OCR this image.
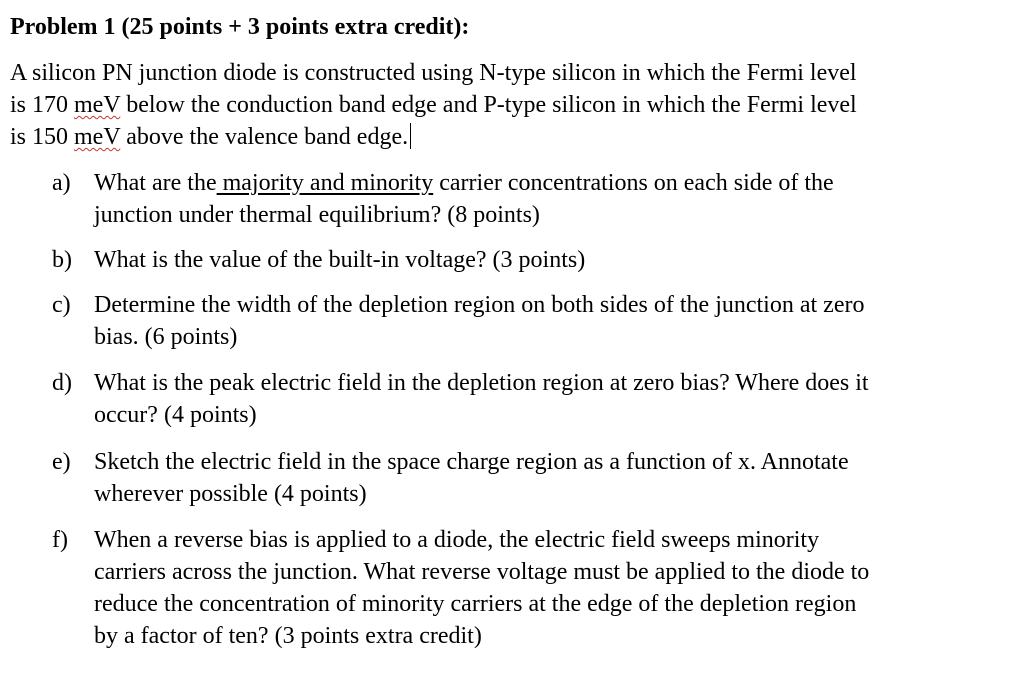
Problem 1 (25 points + 3 points extra credit):
A silicon PN junction diode is constructed using N-type silicon in which the Fermi level
is 170 meV below the conduction band edge and P-type silicon in which the Fermi level
is 150 meV above the valence band edge.
a) What are the majority and minority carrier concentrations on each side of the
junction under thermal equilibrium? (8 points)
b) What is the value of the built-in voltage? (3 points)
c) Determine the width of the depletion region on both sides of the junction at zero
bias. (6 points)
d) What is the peak electric field in the depletion region at zero bias? Where does it
occur? (4 points)
e) Sketch the electric field in the space charge region as a function of x. Annotate
wherever possible (4 points)
f) When a reverse bias is applied to a diode, the electric field sweeps minority
carriers across the junction. What reverse voltage must be applied to the diode to
reduce the concentration of minority carriers at the edge of the depletion region
by a factor of ten? (3 points extra credit)
